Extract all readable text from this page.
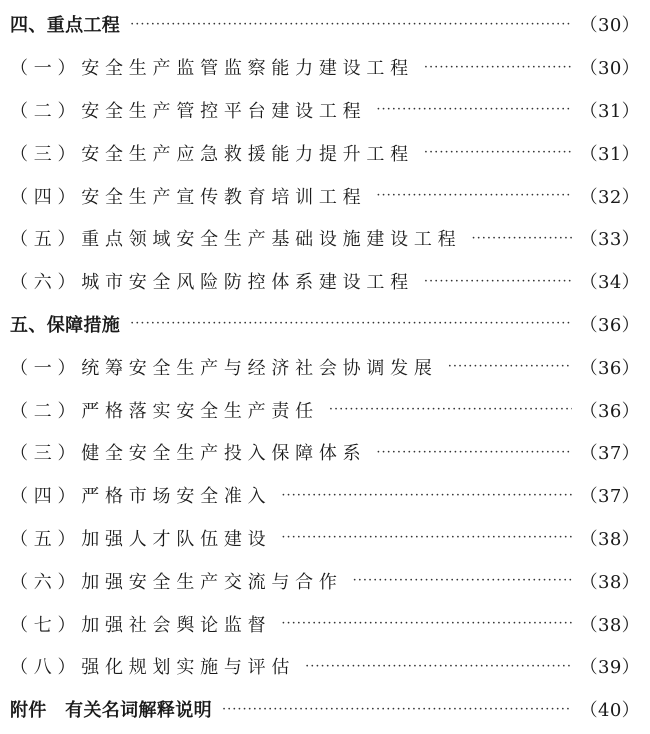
四、重点工程 ·····	（30）
（一）安全生产监管监察能力建设工程 ·····	（30）
（二）安全生产管控平台建设工程 ·····	（31）
（三）安全生产应急救援能力提升工程 ·····	（31）
（四）安全生产宣传教育培训工程 ·····	（32）
（五）重点领域安全生产基础设施建设工程 ·····	（33）
（六）城市安全风险防控体系建设工程 ·····	（34）
五、保障措施 ·····	（36）
（一）统筹安全生产与经济社会协调发展 ·····	（36）
（二）严格落实安全生产责任 ·····	（36）
（三）健全安全生产投入保障体系 ·····	（37）
（四）严格市场安全准入 ·····	（37）
（五）加强人才队伍建设 ·····	（38）
（六）加强安全生产交流与合作 ·····	（38）
（七）加强社会舆论监督 ·····	（38）
（八）强化规划实施与评估 ·····	（39）
附件　有关名词解释说明 ·····	（40）
